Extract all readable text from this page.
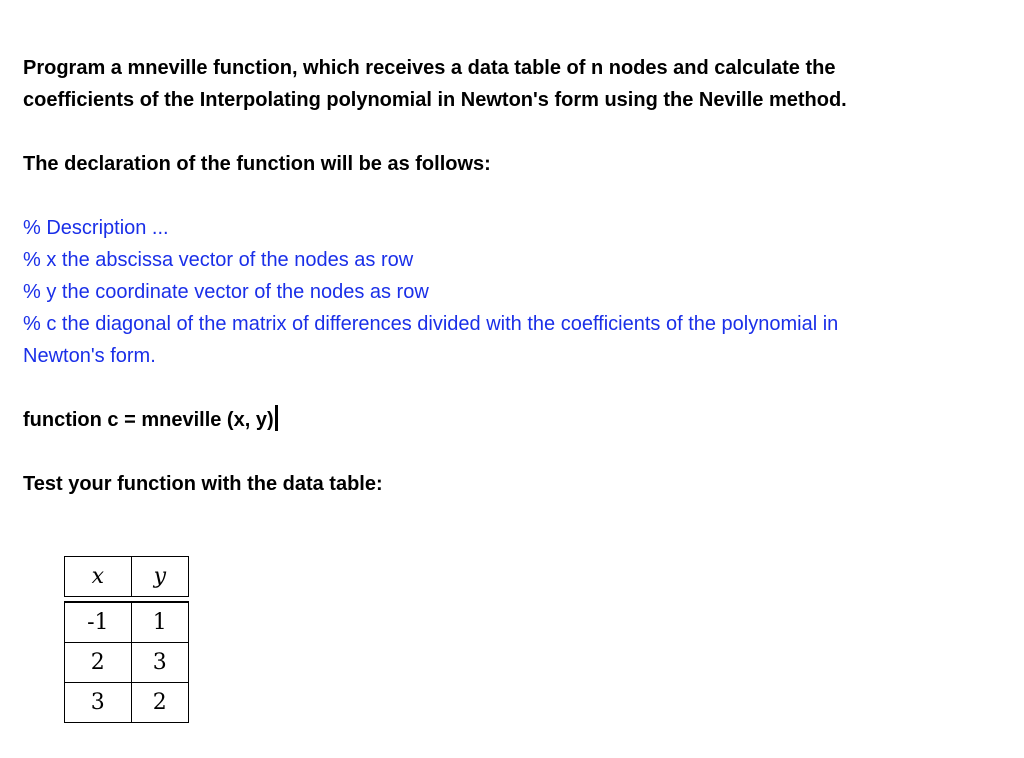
Program a mneville function, which receives a data table of n nodes and calculate the
coefficients of the Interpolating polynomial in Newton's form using the Neville method.
The declaration of the function will be as follows:
% Description ...
% x the abscissa vector of the nodes as row
% y the coordinate vector of the nodes as row
% c the diagonal of the matrix of differences divided with the coefficients of the polynomial in
Newton's form.
function c = mneville (x, y)
Test your function with the data table:
x	y

-1	1
2	3
3	2
